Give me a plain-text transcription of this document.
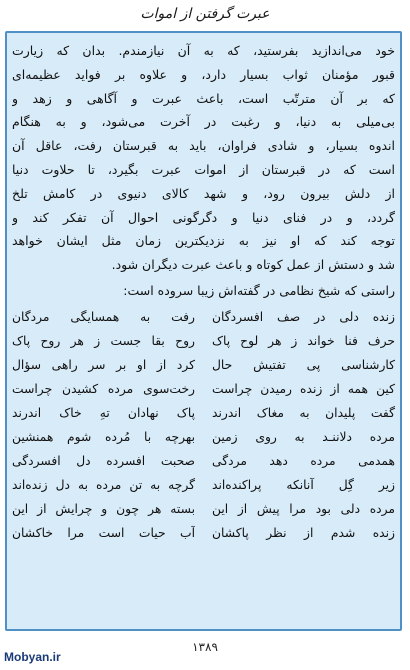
عبرت گرفتن از اموات
خود می‌اندازید بفرستید، که به آن نیازمندم. بدان که زیارت
قبور مؤمنان ثواب بسیار دارد، و علاوه بر فواید عظیمه‌ای
که بر آن مترتّب است، باعث عبرت و آگاهی و زهد و
بی‌میلی به دنیا، و رغبت در آخرت می‌شود، و به هنگام
اندوه بسیار، و شادی فراوان، باید به قبرستان رفت، عاقل آن
است که در قبرستان از اموات عبرت بگیرد، تا حلاوت دنیا
از دلش بیرون رود، و شهد کالای دنیوی در کامش تلخ
گردد، و در فنای دنیا و دگرگونی احوال آن تفکر کند و
توجه کند که او نیز به نزدیکترین زمان مثل ایشان خواهد
شد و دستش از عمل کوتاه و باعث عبرت دیگران شود.
راستی که شیخ نظامی در گفته‌اش زیبا سروده است:
زنده دلی در صف افسردگان
حرف فنا خواند ز هر لوح پاک
کارشناسی پی تفتیش حال
کین همه از زنده رمیدن چراست
گفت پلیدان به مغاک اندرند
مرده دلاننـد به روی زمین
همدمی مرده دهد مردگی
زیر گِل آنانکه پراکنده‌اند
مرده دلی بود مرا پیش از این
زنده شدم از نظر پاکشان
رفت به همسایگی مردگان
روح بقا جست ز هر روح پاک
کرد از او بر سر راهی سؤال
رخت‌سوی مرده کشیدن چراست
پاک نهادان تهِ خاک اندرند
بهرچه با مُرده شوم همنشین
صحبت افسرده دل افسردگی
گرچه به تن مرده به دل زنده‌اند
بسته هر چون و چرایش از این
آب حیات است مرا خاکشان
۱۳۸۹
Mobyan.ir
